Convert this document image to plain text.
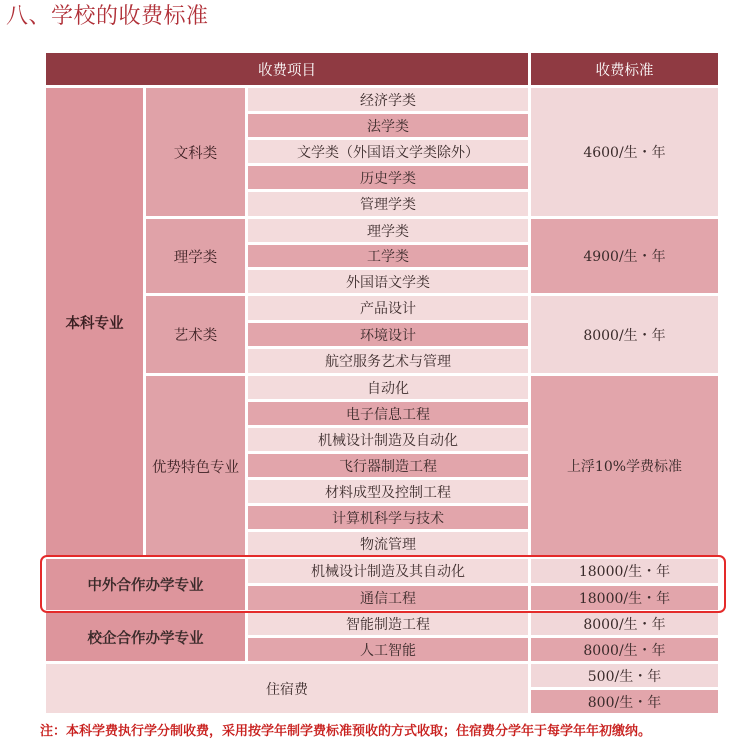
八、学校的收费标准
收费项目	收费标准
本科专业
文科类
经济学类
法学类
文学类（外国语文学类除外）
历史学类
管理学类
4600/生・年
理学类
理学类
工学类
外国语文学类
4900/生・年
艺术类
产品设计
环境设计
航空服务艺术与管理
8000/生・年
优势特色专业
自动化
电子信息工程
机械设计制造及自动化
飞行器制造工程
材料成型及控制工程
计算机科学与技术
物流管理
上浮10%学费标准
中外合作办学专业
机械设计制造及其自动化
通信工程
18000/生・年
18000/生・年
校企合作办学专业
智能制造工程
人工智能
8000/生・年
8000/生・年
住宿费
500/生・年
800/生・年
注：本科学费执行学分制收费，采用按学年制学费标准预收的方式收取；住宿费分学年于每学年年初缴纳。
